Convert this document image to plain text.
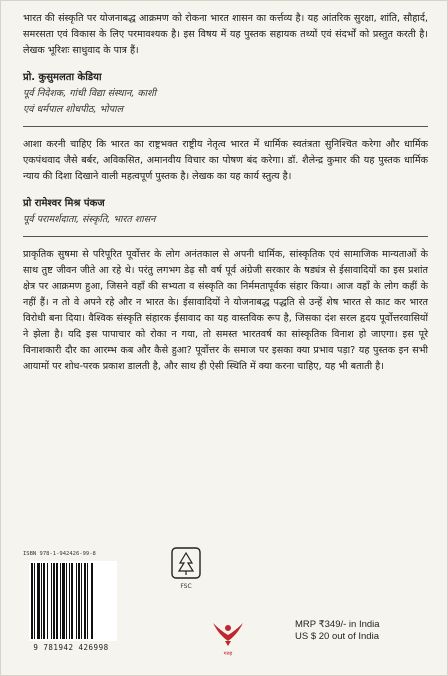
भारत की संस्कृति पर योजनाबद्ध आक्रमण को रोकना भारत शासन का कर्त्तव्य है। यह आंतरिक सुरक्षा, शांति, सौहार्द, समरसता एवं विकास के लिए परमावश्यक है। इस विषय में यह पुस्तक सहायक तथ्यों एवं संदर्भों को प्रस्तुत करती है। लेखक भूरिशः साधुवाद के पात्र हैं।

प्रो. कुसुमलता केडिया

पूर्व निदेशक, गांधी विद्या संस्थान, काशी

एवं धर्मपाल शोधपीठ, भोपाल

आशा करनी चाहिए कि भारत का राष्ट्रभक्त राष्ट्रीय नेतृत्व भारत में धार्मिक स्वतंत्रता सुनिश्चित करेगा और धार्मिक एकपंथवाद जैसे बर्बर, अविकसित, अमानवीय विचार का पोषण बंद करेगा। डॉ. शैलेन्द्र कुमार की यह पुस्तक धार्मिक न्याय की दिशा दिखाने वाली महत्वपूर्ण पुस्तक है। लेखक का यह कार्य स्तुत्य है।

प्रो रामेश्वर मिश्र पंकज

पूर्व परामर्शदाता, संस्कृति, भारत शासन

प्राकृतिक सुषमा से परिपूरित पूर्वोत्तर के लोग अनंतकाल से अपनी धार्मिक, सांस्कृतिक एवं सामाजिक मान्यताओं के साथ तुष्ट जीवन जीते आ रहे थे। परंतु लगभग डेढ़ सौ वर्ष पूर्व अंग्रेजी सरकार के षड्यंत्र से ईसावादियों का इस प्रशांत क्षेत्र पर आक्रमण हुआ, जिसने वहाँ की सभ्यता व संस्कृति का निर्ममतापूर्वक संहार किया। आज वहाँ के लोग कहीं के नहीं हैं। न तो वे अपने रहे और न भारत के। ईसावादियों ने योजनाबद्ध पद्धति से उन्हें शेष भारत से काट कर भारत विरोधी बना दिया। वैश्विक संस्कृति संहारक ईसावाद का यह वास्तविक रूप है, जिसका दंश सरल हृदय पूर्वोत्तरवासियों ने झेला है। यदि इस पापाचार को रोका न गया, तो समस्त भारतवर्ष का सांस्कृतिक विनाश हो जाएगा। इस पूरे विनाशकारी दौर का आरम्भ कब और कैसे हुआ? पूर्वोत्तर के समाज पर इसका क्या प्रभाव पड़ा? यह पुस्तक इन सभी आयामों पर शोध-परक प्रकाश डालती है, और साथ ही ऐसी स्थिति में क्या करना चाहिए, यह भी बताती है।

ISBN 978-1-942426-99-8
9 781942 426998
FSC
गरुड़
MRP ₹349/- in India
US $ 20 out of India
